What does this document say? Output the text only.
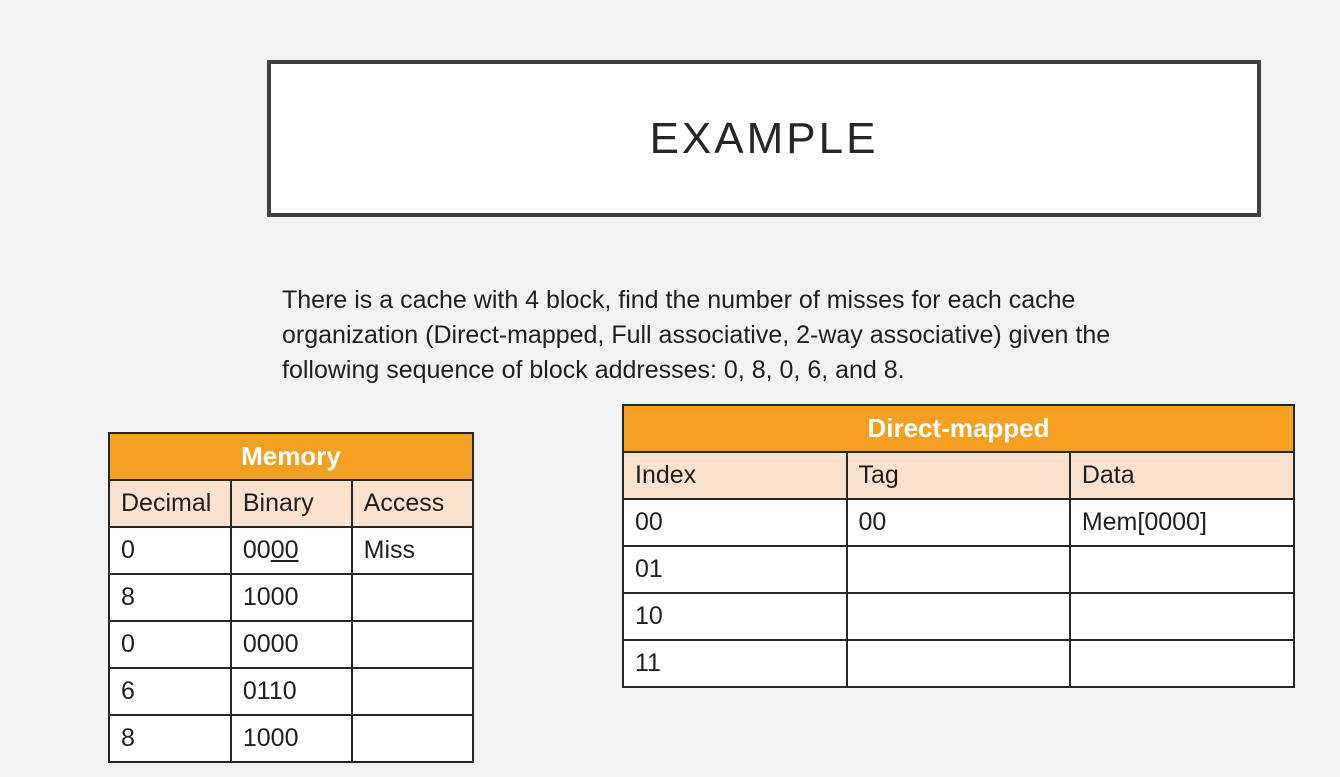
EXAMPLE
There is a cache with 4 block, find the number of misses for each cache organization (Direct-mapped, Full associative, 2-way associative) given the following sequence of block addresses: 0, 8, 0, 6, and 8.
Memory		
Decimal	Binary	Access
0	0000	Miss
8	1000	
0	0000	
6	0110	
8	1000	
Direct-mapped		
Index	Tag	Data
00	00	Mem[0000]
01		
10		
11		
